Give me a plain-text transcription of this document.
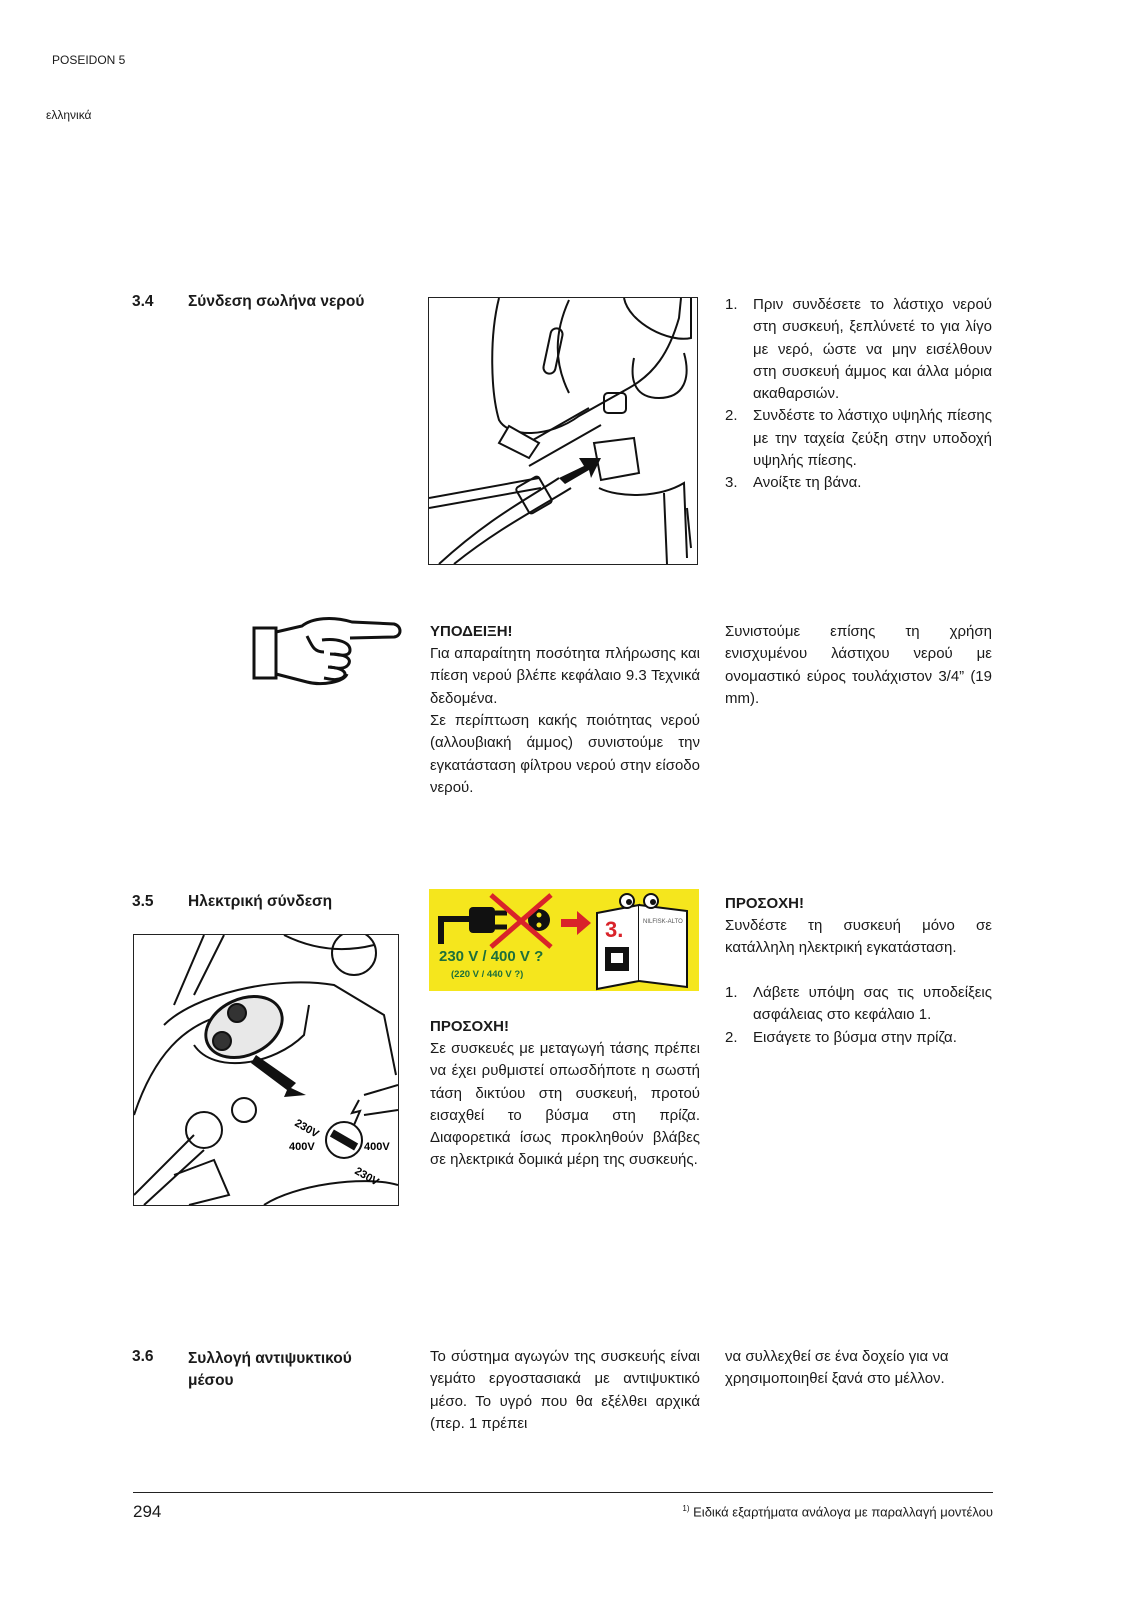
POSEIDON 5
ελληνικά
3.4 Σύνδεση σωλήνα νερού	1. Πριν συνδέσετε το λάστιχο νερού στη συσκευή, ξεπλύνετέ το για λίγο με νερό, ώστε να μην εισέλθουν στη συσκευή άμμος και άλλα μόρια ακαθαρσιών.
2. Συνδέστε το λάστιχο υψηλής πίεσης με την ταχεία ζεύξη στην υποδοχή υψηλής πίεσης.
3. Ανοίξτε τη βάνα.
ΥΠΟΔΕΙΞΗ!
Για απαραίτητη ποσότητα πλήρωσης και πίεση νερού βλέπε κεφάλαιο 9.3 Τεχνικά δεδομένα.
Σε περίπτωση κακής ποιότητας νερού (αλλουβιακή άμμος) συνιστούμε την εγκατάσταση φίλτρου νερού στην είσοδο νερού.
Συνιστούμε επίσης τη χρήση ενισχυμένου λάστιχου νερού με ονομαστικό εύρος τουλάχιστον 3/4” (19 mm).
3.5 Ηλεκτρική σύνδεση
230V
400V	400V
230V
3.	NILFISK-ALTO
230 V / 400 V ?
(220 V / 440 V ?)
ΠΡΟΣΟΧΗ!
Σε συσκευές με μεταγωγή τάσης πρέπει να έχει ρυθμιστεί οπωσδήποτε η σωστή τάση δικτύου στη συσκευή, προτού εισαχθεί το βύσμα στη πρίζα. Διαφορετικά ίσως προκληθούν βλάβες σε ηλεκτρικά δομικά μέρη της συσκευής.
ΠΡΟΣΟΧΗ!
Συνδέστε τη συσκευή μόνο σε κατάλληλη ηλεκτρική εγκατάσταση.
1. Λάβετε υπόψη σας τις υποδείξεις ασφάλειας στο κεφάλαιο 1.
2. Εισάγετε το βύσμα στην πρίζα.
3.6 Συλλογή αντιψυκτικού μέσου
Το σύστημα αγωγών της συσκευής είναι γεμάτο εργοστασιακά με αντιψυκτικό μέσο. Το υγρό που θα εξέλθει αρχικά (περ. 1 πρέπει
να συλλεχθεί σε ένα δοχείο για να χρησιμοποιηθεί ξανά στο μέλλον.
294	$^{1)}$ Ειδικά εξαρτήματα ανάλογα με παραλλαγή μοντέλου
